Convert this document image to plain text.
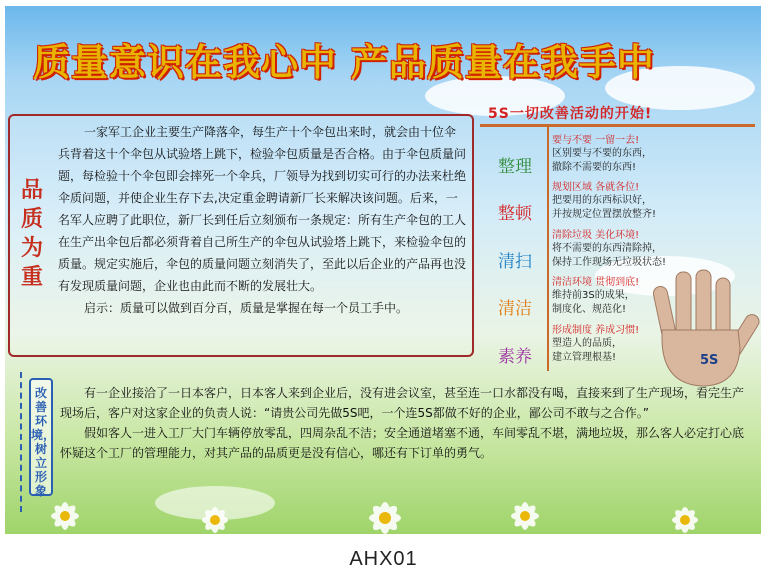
质量意识在我心中 产品质量在我手中
品质为重

一家军工企业主要生产降落伞，每生产十个伞包出来时，就会由十位伞兵背着这十个伞包从试验塔上跳下，检验伞包质量是否合格。由于伞包质量问题，每检验十个伞包即会摔死一个伞兵，厂领导为找到切实可行的办法来杜绝伞质问题，并使企业生存下去,决定重金聘请新厂长来解决该问题。后来，一名军人应聘了此职位，新厂长到任后立刻颁布一条规定：所有生产伞包的工人在生产出伞包后都必须背着自己所生产的伞包从试验塔上跳下，来检验伞包的质量。规定实施后，伞包的质量问题立刻消失了，至此以后企业的产品再也没有发现质量问题，企业也由此而不断的发展壮大。

启示：质量可以做到百分百，质量是掌握在每一个员工手中。

5S一切改善活动的开始!
整理
要与不要 一留一去!
区别要与不要的东西，
撤除不需要的东西!
整顿
规划区域 各就各位!
把要用的东西标识好，
并按规定位置摆放整齐!
清扫
清除垃圾 美化环境!
将不需要的东西清除掉，
保持工作现场无垃圾状态!
清洁
清洁环境 贯彻到底!
维持前3S的成果，
制度化、规范化!
素养
形成制度 养成习惯!
塑造人的品质，
建立管理根基!	5S
改善环境，树立形象

有一企业接洽了一日本客户，日本客人来到企业后，没有进会议室，甚至连一口水都没有喝，直接来到了生产现场，看完生产现场后，客户对这家企业的负责人说：“请贵公司先做5S吧，一个连5S都做不好的企业，鄙公司不敢与之合作。”

假如客人一进入工厂大门车辆停放零乱，四周杂乱不洁；安全通道堵塞不通，车间零乱不堪，满地垃圾，那么客人必定打心底怀疑这个工厂的管理能力，对其产品的品质更是没有信心，哪还有下订单的勇气。

AHX01
